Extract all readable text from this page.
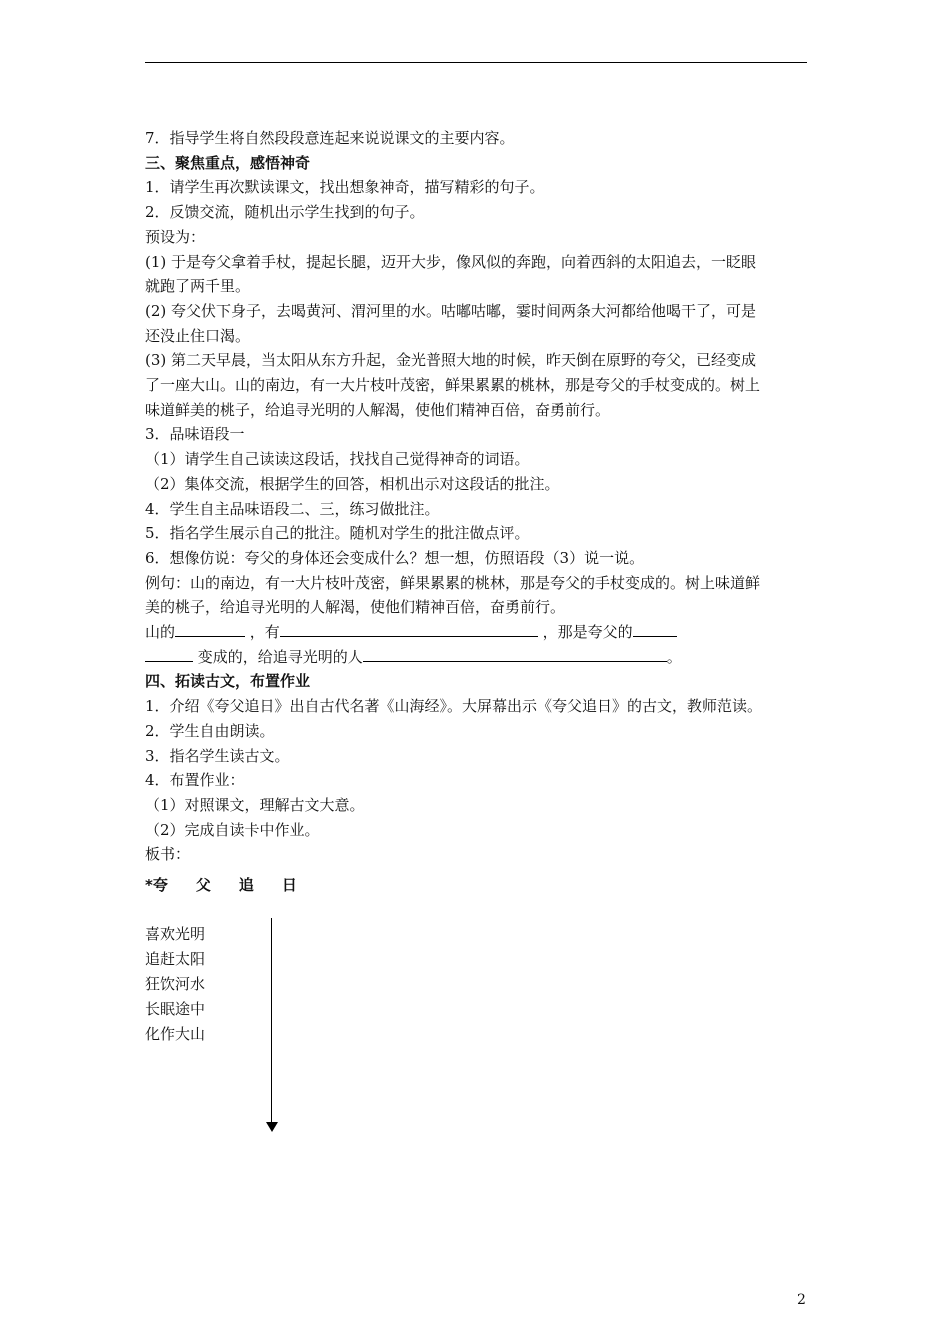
7．指导学生将自然段段意连起来说说课文的主要内容。
三、聚焦重点，感悟神奇
1．请学生再次默读课文，找出想象神奇，描写精彩的句子。
2．反馈交流，随机出示学生找到的句子。
预设为：
(1) 于是夸父拿着手杖，提起长腿，迈开大步，像风似的奔跑，向着西斜的太阳追去，一眨眼
就跑了两千里。
(2) 夸父伏下身子，去喝黄河、渭河里的水。咕嘟咕嘟，霎时间两条大河都给他喝干了，可是
还没止住口渴。
(3) 第二天早晨，当太阳从东方升起，金光普照大地的时候，昨天倒在原野的夸父，已经变成
了一座大山。山的南边，有一大片枝叶茂密，鲜果累累的桃林，那是夸父的手杖变成的。树上
味道鲜美的桃子，给追寻光明的人解渴，使他们精神百倍，奋勇前行。
3．品味语段一
（1）请学生自己读读这段话，找找自己觉得神奇的词语。
（2）集体交流，根据学生的回答，相机出示对这段话的批注。
4．学生自主品味语段二、三，练习做批注。
5．指名学生展示自己的批注。随机对学生的批注做点评。
6．想像仿说：夸父的身体还会变成什么？想一想，仿照语段（3）说一说。
例句：山的南边，有一大片枝叶茂密，鲜果累累的桃林，那是夸父的手杖变成的。树上味道鲜
美的桃子，给追寻光明的人解渴，使他们精神百倍，奋勇前行。
山的	，有	，那是夸父的
变成的，给追寻光明的人	。
四、拓读古文，布置作业
1．介绍《夸父追日》出自古代名著《山海经》。大屏幕出示《夸父追日》的古文，教师范读。
2．学生自由朗读。
3．指名学生读古文。
4．布置作业：
（1）对照课文，理解古文大意。
（2）完成自读卡中作业。
板书：
*夸 父 追 日
喜欢光明
追赶太阳
狂饮河水
长眠途中
化作大山
2
